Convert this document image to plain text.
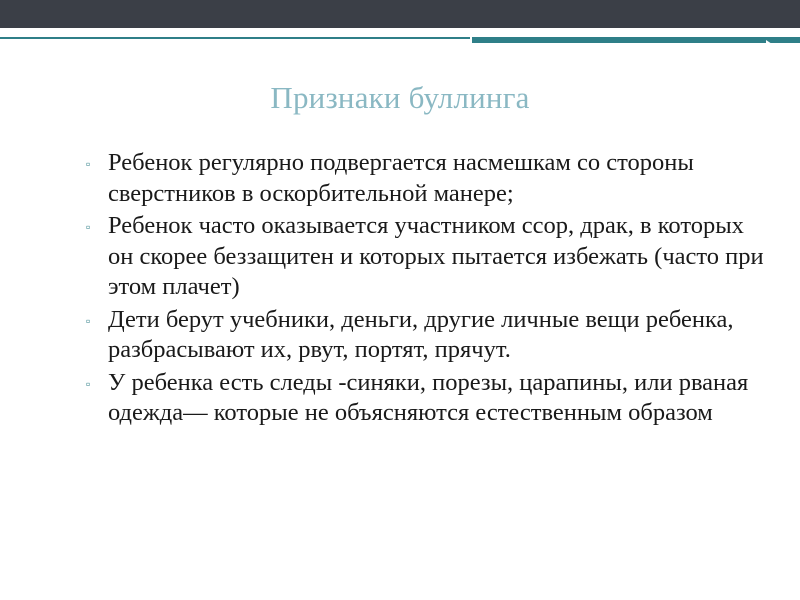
Признаки буллинга
▫ Ребенок регулярно подвергается насмешкам со стороны сверстников в оскорбительной манере;
▫ Ребенок часто оказывается участником ссор, драк, в которых он скорее беззащитен и которых пытается избежать (часто при этом плачет)
▫ Дети берут учебники, деньги, другие личные вещи ребенка, разбрасывают их, рвут, портят, прячут.
▫ У ребенка есть следы -синяки, порезы, царапины, или рваная одежда— которые не объясняются естественным образом
